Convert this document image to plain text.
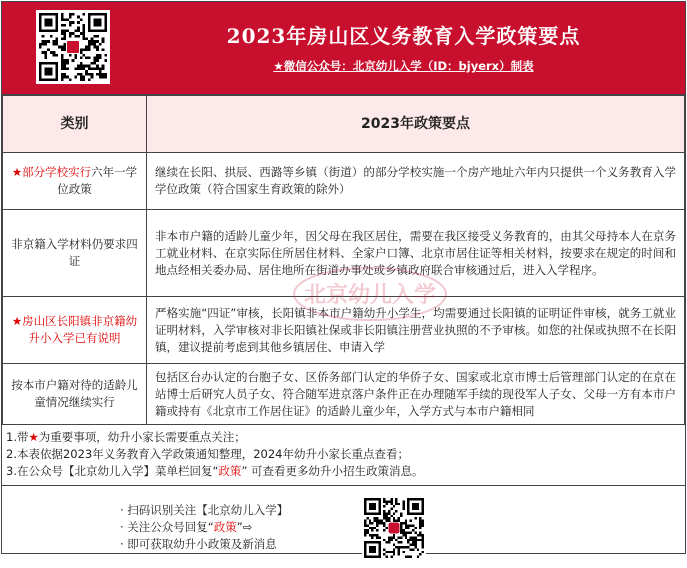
2023年房山区义务教育入学政策要点
★微信公众号：北京幼儿入学（ID：bjyerx）制表
类别	2023年政策要点
★部分学校实行六年一学位政策	继续在长阳、拱辰、西潞等乡镇（街道）的部分学校实施一个房产地址六年内只提供一个义务教育入学学位政策（符合国家生育政策的除外）
非京籍入学材料仍要求四证	非本市户籍的适龄儿童少年，因父母在我区居住，需要在我区接受义务教育的，由其父母持本人在京务工就业材料、在京实际住所居住材料、全家户口簿、北京市居住证等相关材料，按要求在规定的时间和地点经相关委办局、居住地所在街道办事处或乡镇政府联合审核通过后，进入入学程序。
★房山区长阳镇非京籍幼升小入学已有说明	严格实施“四证”审核，长阳镇非本市户籍幼升小学生，均需要通过长阳镇的证明证件审核，就务工就业证明材料，入学审核对非长阳镇社保或非长阳镇注册营业执照的不予审核。如您的社保或执照不在长阳镇，建议提前考虑到其他乡镇居住、申请入学
按本市户籍对待的适龄儿童情况继续实行	包括区台办认定的台胞子女、区侨务部门认定的华侨子女、国家或北京市博士后管理部门认定的在京在站博士后研究人员子女、符合随军进京落户条件正在办理随军手续的现役军人子女、父母一方有本市户籍或持有《北京市工作居住证》的适龄儿童少年，入学方式与本市户籍相同
1.带★为重要事项，幼升小家长需要重点关注；
2.本表依据2023年义务教育入学政策通知整理，2024年幼升小家长重点查看；
3.在公众号【北京幼儿入学】菜单栏回复“政策” 可查看更多幼升小招生政策消息。
· 扫码识别关注【北京幼儿入学】
· 关注公众号回复“政策”⇨
· 即可获取幼升小政策及新消息
北京幼儿入学
